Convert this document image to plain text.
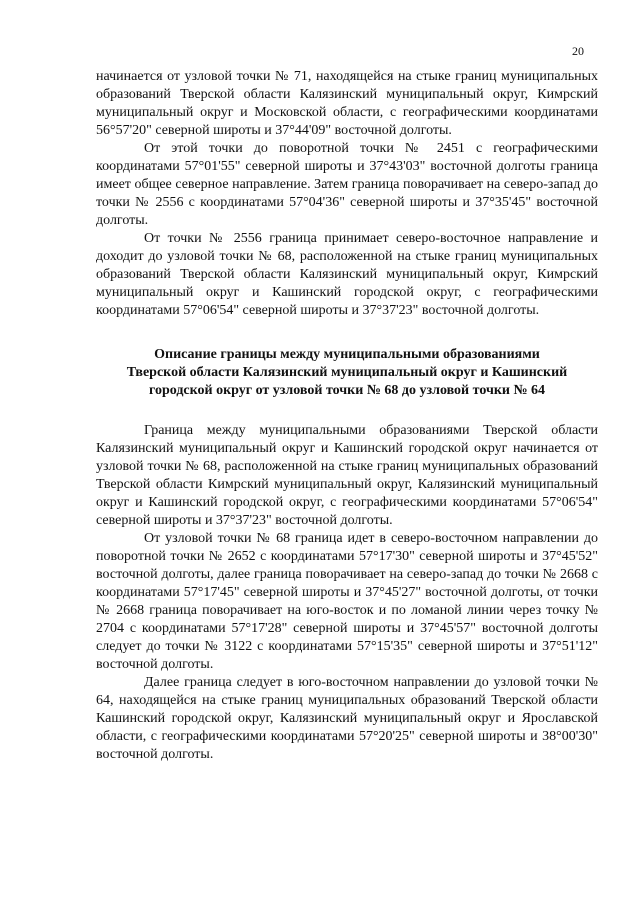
20

начинается от узловой точки № 71, находящейся на стыке границ муниципальных образований Тверской области Калязинский муниципальный округ, Кимрский муниципальный округ и Московской области, с географическими координатами 56°57'20" северной широты и 37°44'09" восточной долготы.

От этой точки до поворотной точки № 2451 с географическими координатами 57°01'55" северной широты и 37°43'03" восточной долготы граница имеет общее северное направление. Затем граница поворачивает на северо-запад до точки № 2556 с координатами 57°04'36" северной широты и 37°35'45" восточной долготы.

От точки № 2556 граница принимает северо-восточное направление и доходит до узловой точки № 68, расположенной на стыке границ муниципальных образований Тверской области Калязинский муниципальный округ, Кимрский муниципальный округ и Кашинский городской округ, с географическими координатами 57°06'54" северной широты и 37°37'23" восточной долготы.

Описание границы между муниципальными образованиями
Тверской области Калязинский муниципальный округ и Кашинский
городской округ от узловой точки № 68 до узловой точки № 64

Граница между муниципальными образованиями Тверской области Калязинский муниципальный округ и Кашинский городской округ начинается от узловой точки № 68, расположенной на стыке границ муниципальных образований Тверской области Кимрский муниципальный округ, Калязинский муниципальный округ и Кашинский городской округ, с географическими координатами 57°06'54" северной широты и 37°37'23" восточной долготы.

От узловой точки № 68 граница идет в северо-восточном направлении до поворотной точки № 2652 с координатами 57°17'30" северной широты и 37°45'52" восточной долготы, далее граница поворачивает на северо-запад до точки № 2668 с координатами 57°17'45" северной широты и 37°45'27" восточной долготы, от точки № 2668 граница поворачивает на юго-восток и по ломаной линии через точку № 2704 с координатами 57°17'28" северной широты и 37°45'57" восточной долготы следует до точки № 3122 с координатами 57°15'35" северной широты и 37°51'12" восточной долготы.

Далее граница следует в юго-восточном направлении до узловой точки № 64, находящейся на стыке границ муниципальных образований Тверской области Кашинский городской округ, Калязинский муниципальный округ и Ярославской области, с географическими координатами 57°20'25" северной широты и 38°00'30" восточной долготы.
